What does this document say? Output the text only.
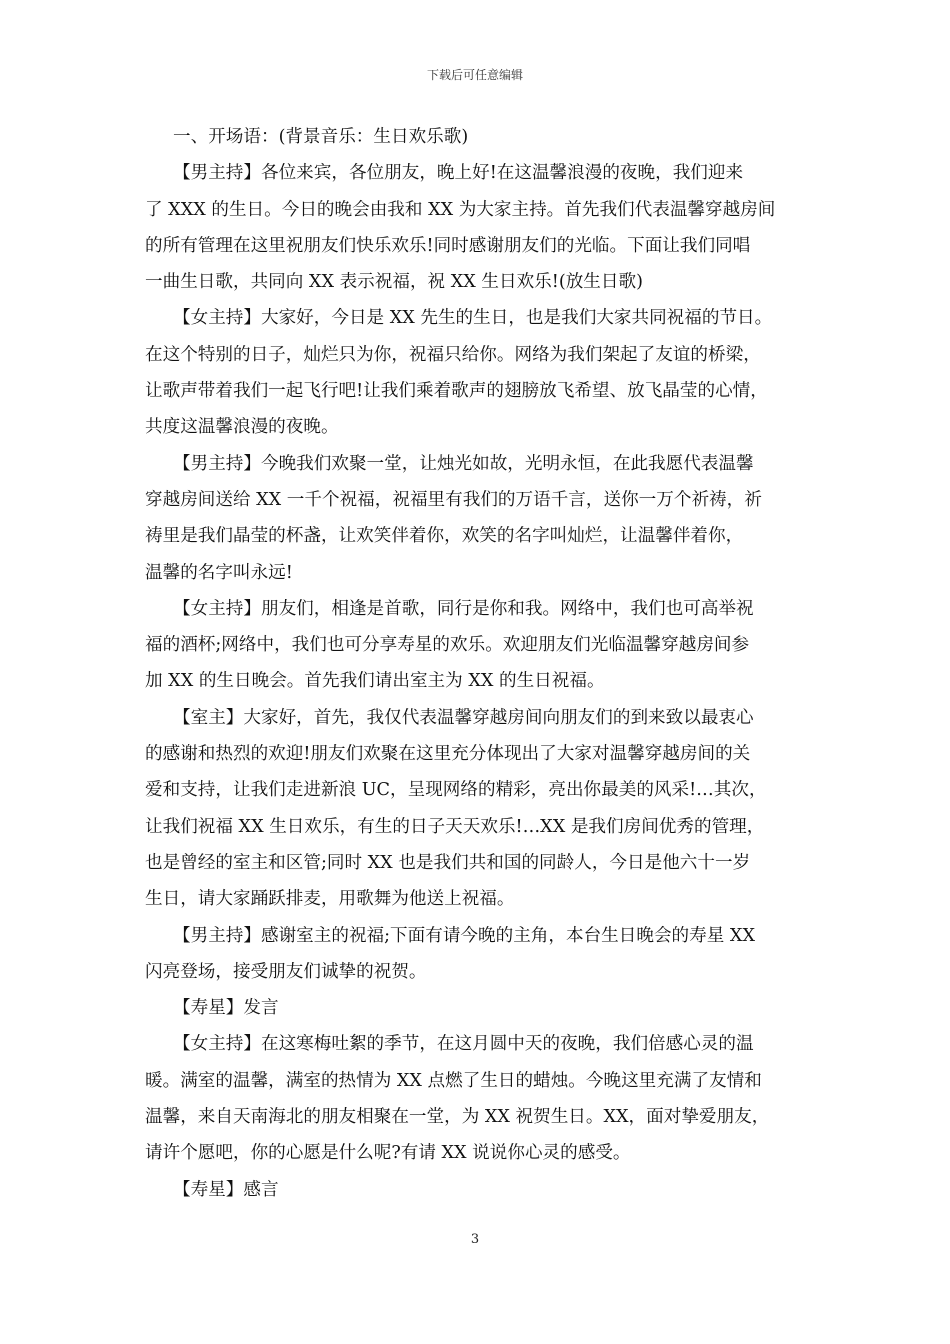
下载后可任意编辑
一、开场语：(背景音乐：生日欢乐歌)
【男主持】各位来宾，各位朋友，晚上好!在这温馨浪漫的夜晚，我们迎来
了 XXX 的生日。今日的晚会由我和 XX 为大家主持。首先我们代表温馨穿越房间
的所有管理在这里祝朋友们快乐欢乐!同时感谢朋友们的光临。下面让我们同唱
一曲生日歌，共同向 XX 表示祝福，祝 XX 生日欢乐!(放生日歌)
【女主持】大家好，今日是 XX 先生的生日，也是我们大家共同祝福的节日。
在这个特别的日子，灿烂只为你，祝福只给你。网络为我们架起了友谊的桥梁，
让歌声带着我们一起飞行吧!让我们乘着歌声的翅膀放飞希望、放飞晶莹的心情，
共度这温馨浪漫的夜晚。
【男主持】今晚我们欢聚一堂，让烛光如故，光明永恒，在此我愿代表温馨
穿越房间送给 XX 一千个祝福，祝福里有我们的万语千言，送你一万个祈祷，祈
祷里是我们晶莹的杯盏，让欢笑伴着你，欢笑的名字叫灿烂，让温馨伴着你，
温馨的名字叫永远!
【女主持】朋友们，相逢是首歌，同行是你和我。网络中，我们也可高举祝
福的酒杯;网络中，我们也可分享寿星的欢乐。欢迎朋友们光临温馨穿越房间参
加 XX 的生日晚会。首先我们请出室主为 XX 的生日祝福。
【室主】大家好，首先，我仅代表温馨穿越房间向朋友们的到来致以最衷心
的感谢和热烈的欢迎!朋友们欢聚在这里充分体现出了大家对温馨穿越房间的关
爱和支持，让我们走进新浪 UC，呈现网络的精彩，亮出你最美的风采!…其次，
让我们祝福 XX 生日欢乐，有生的日子天天欢乐!…XX 是我们房间优秀的管理，
也是曾经的室主和区管;同时 XX 也是我们共和国的同龄人，今日是他六十一岁
生日，请大家踊跃排麦，用歌舞为他送上祝福。
【男主持】感谢室主的祝福;下面有请今晚的主角，本台生日晚会的寿星 XX
闪亮登场，接受朋友们诚挚的祝贺。
【寿星】发言
【女主持】在这寒梅吐絮的季节，在这月圆中天的夜晚，我们倍感心灵的温
暖。满室的温馨，满室的热情为 XX 点燃了生日的蜡烛。今晚这里充满了友情和
温馨，来自天南海北的朋友相聚在一堂，为 XX 祝贺生日。XX，面对挚爱朋友，
请许个愿吧，你的心愿是什么呢?有请 XX 说说你心灵的感受。
【寿星】感言
3
